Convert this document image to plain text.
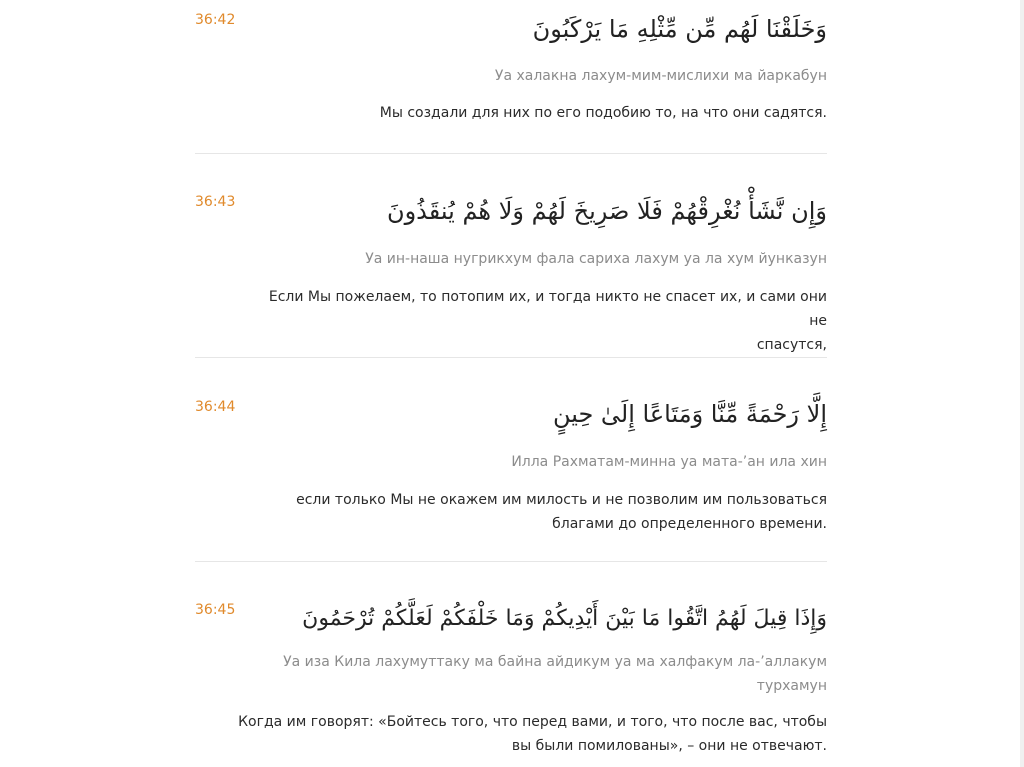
36:42	وَخَلَقْنَا لَهُم مِّن مِّثْلِهِ مَا يَرْكَبُونَ
Уа халакна лахум-мим-мислихи ма йаркабун
Мы создали для них по его подобию то, на что они садятся.
36:43	وَإِن نَّشَأْ نُغْرِقْهُمْ فَلَا صَرِيخَ لَهُمْ وَلَا هُمْ يُنقَذُونَ
Уа ин-наша нугрикхум фала сариха лахум уа ла хум йунказун
Если Мы пожелаем, то потопим их, и тогда никто не спасет их, и сами они не
спасутся,
36:44	إِلَّا رَحْمَةً مِّنَّا وَمَتَاعًا إِلَىٰ حِينٍ
Илла Рахматам-минна уа мата-’ан ила хин
если только Мы не окажем им милость и не позволим им пользоваться
благами до определенного времени.
36:45	وَإِذَا قِيلَ لَهُمُ اتَّقُوا مَا بَيْنَ أَيْدِيكُمْ وَمَا خَلْفَكُمْ لَعَلَّكُمْ تُرْحَمُونَ
Уа иза Кила лахумуттаку ма байна айдикум уа ма халфакум ла-’аллакум
турхамун
Когда им говорят: «Бойтесь того, что перед вами, и того, что после вас, чтобы
вы были помилованы», – они не отвечают.
